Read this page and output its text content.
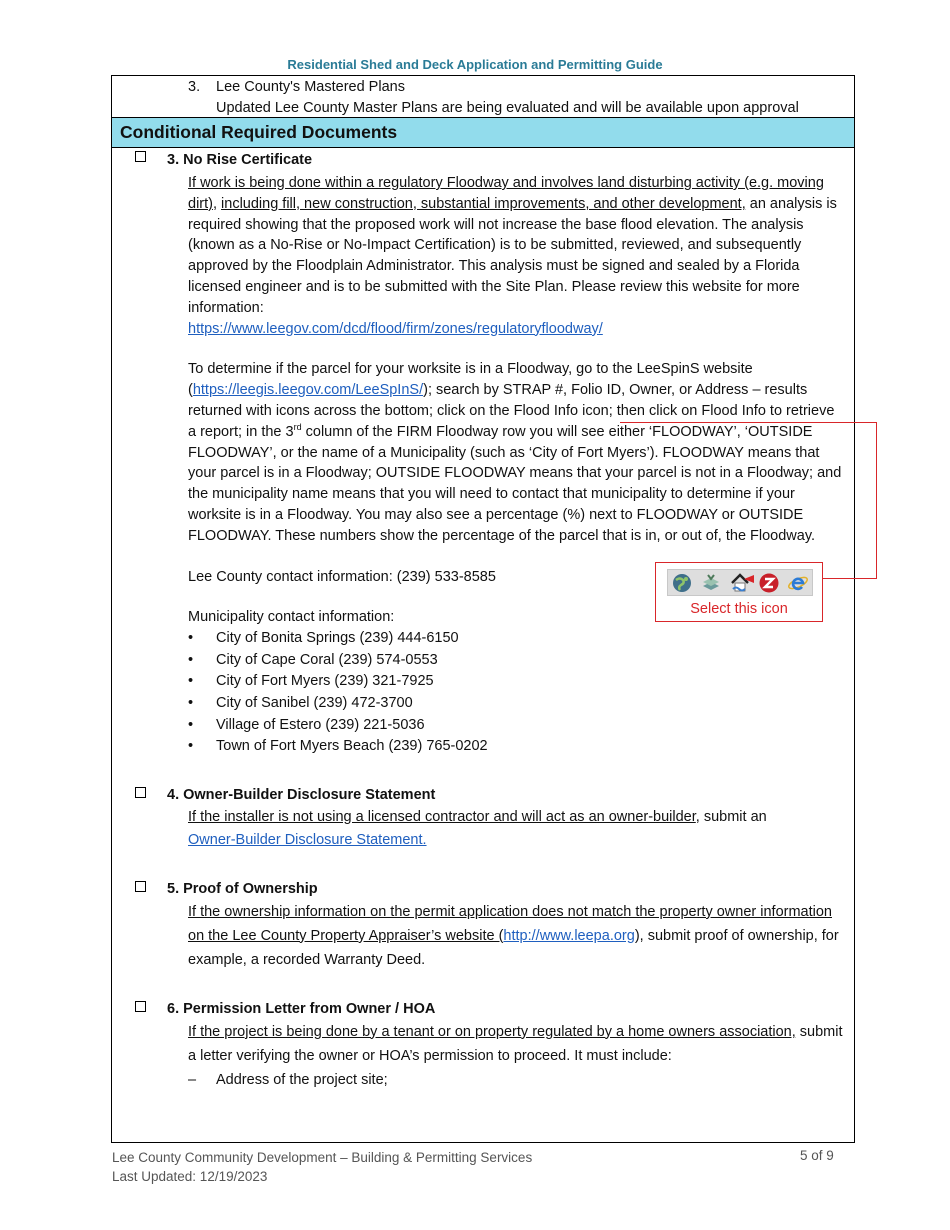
Residential Shed and Deck Application and Permitting Guide
3. Lee County's Mastered Plans
Updated Lee County Master Plans are being evaluated and will be available upon approval
Conditional Required Documents
3. No Rise Certificate
If work is being done within a regulatory Floodway and involves land disturbing activity (e.g. moving dirt), including fill, new construction, substantial improvements, and other development, an analysis is required showing that the proposed work will not increase the base flood elevation. The analysis (known as a No-Rise or No-Impact Certification) is to be submitted, reviewed, and subsequently approved by the Floodplain Administrator. This analysis must be signed and sealed by a Florida licensed engineer and is to be submitted with the Site Plan. Please review this website for more information:
https://www.leegov.com/dcd/flood/firm/zones/regulatoryfloodway/
To determine if the parcel for your worksite is in a Floodway, go to the LeeSpinS website (https://leegis.leegov.com/LeeSpInS/); search by STRAP #, Folio ID, Owner, or Address – results returned with icons across the bottom; click on the Flood Info icon; then click on Flood Info to retrieve a report; in the 3rd column of the FIRM Floodway row you will see either ‘FLOODWAY’, ‘OUTSIDE FLOODWAY’, or the name of a Municipality (such as ‘City of Fort Myers’). FLOODWAY means that your parcel is in a Floodway; OUTSIDE FLOODWAY means that your parcel is not in a Floodway; and the municipality name means that you will need to contact that municipality to determine if your worksite is in a Floodway. You may also see a percentage (%) next to FLOODWAY or OUTSIDE FLOODWAY. These numbers show the percentage of the parcel that is in, or out of, the Floodway.
Lee County contact information: (239) 533-8585
Municipality contact information:
• City of Bonita Springs (239) 444-6150
• City of Cape Coral (239) 574-0553
• City of Fort Myers (239) 321-7925
• City of Sanibel (239) 472-3700
• Village of Estero (239) 221-5036
• Town of Fort Myers Beach (239) 765-0202
4. Owner-Builder Disclosure Statement
If the installer is not using a licensed contractor and will act as an owner-builder, submit an
Owner-Builder Disclosure Statement.
5. Proof of Ownership
If the ownership information on the permit application does not match the property owner information on the Lee County Property Appraiser’s website (http://www.leepa.org), submit proof of ownership, for example, a recorded Warranty Deed.
6. Permission Letter from Owner / HOA
If the project is being done by a tenant or on property regulated by a home owners association, submit a letter verifying the owner or HOA’s permission to proceed. It must include:
– Address of the project site;
Select this icon
Lee County Community Development – Building & Permitting Services
Last Updated: 12/19/2023
5 of 9
